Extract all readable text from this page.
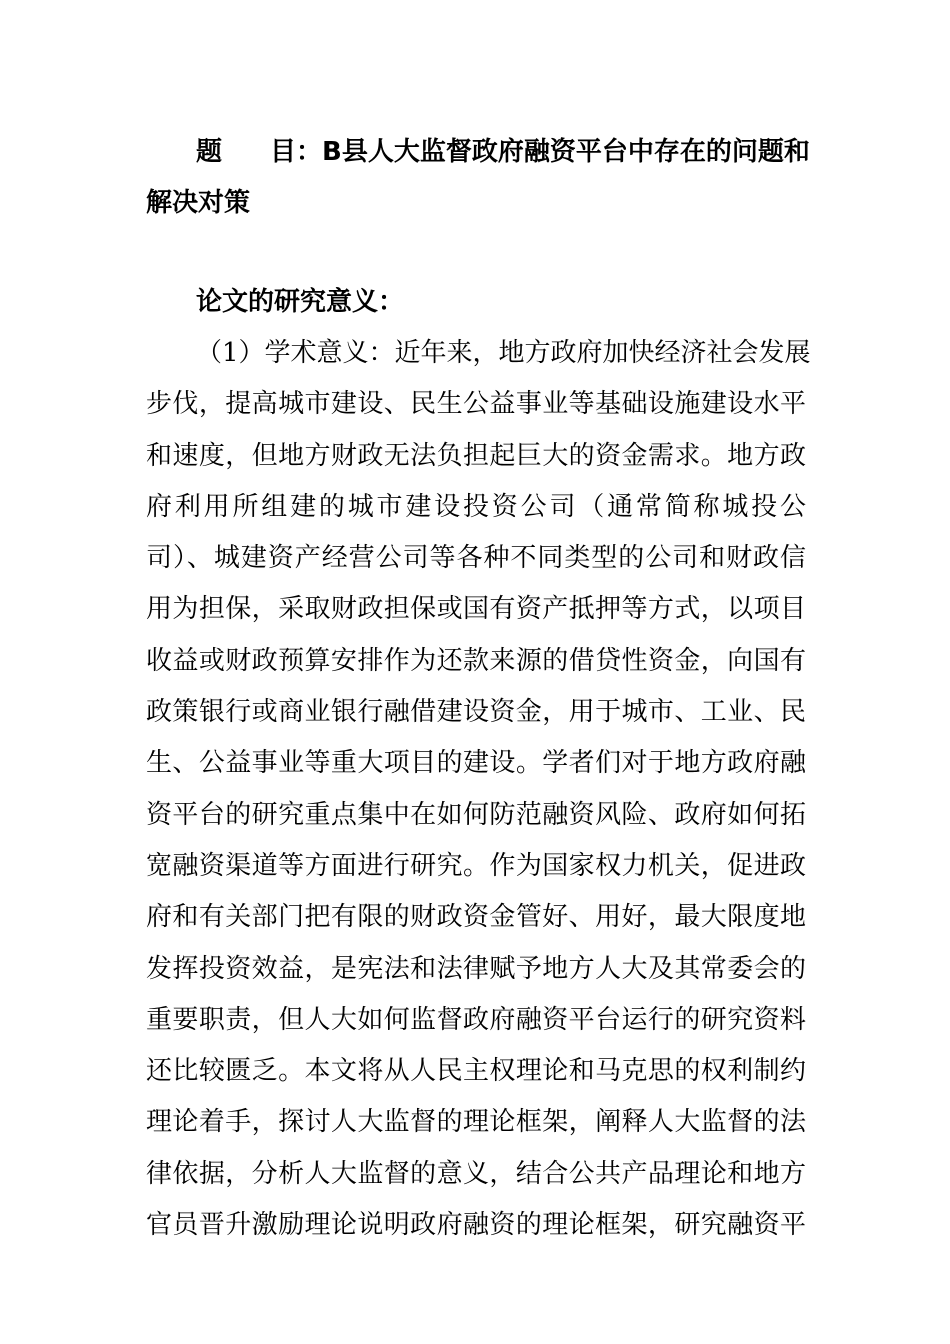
题 目：B县人大监督政府融资平台中存在的问题和
解决对策
论文的研究意义：
（1）学术意义：近年来，地方政府加快经济社会发展
步伐，提高城市建设、民生公益事业等基础设施建设水平
和速度，但地方财政无法负担起巨大的资金需求。地方政
府利用所组建的城市建设投资公司（通常简称城投公
司）、城建资产经营公司等各种不同类型的公司和财政信
用为担保，采取财政担保或国有资产抵押等方式，以项目
收益或财政预算安排作为还款来源的借贷性资金，向国有
政策银行或商业银行融借建设资金，用于城市、工业、民
生、公益事业等重大项目的建设。学者们对于地方政府融
资平台的研究重点集中在如何防范融资风险、政府如何拓
宽融资渠道等方面进行研究。作为国家权力机关，促进政
府和有关部门把有限的财政资金管好、用好，最大限度地
发挥投资效益，是宪法和法律赋予地方人大及其常委会的
重要职责，但人大如何监督政府融资平台运行的研究资料
还比较匮乏。本文将从人民主权理论和马克思的权利制约
理论着手，探讨人大监督的理论框架，阐释人大监督的法
律依据，分析人大监督的意义，结合公共产品理论和地方
官员晋升激励理论说明政府融资的理论框架，研究融资平
